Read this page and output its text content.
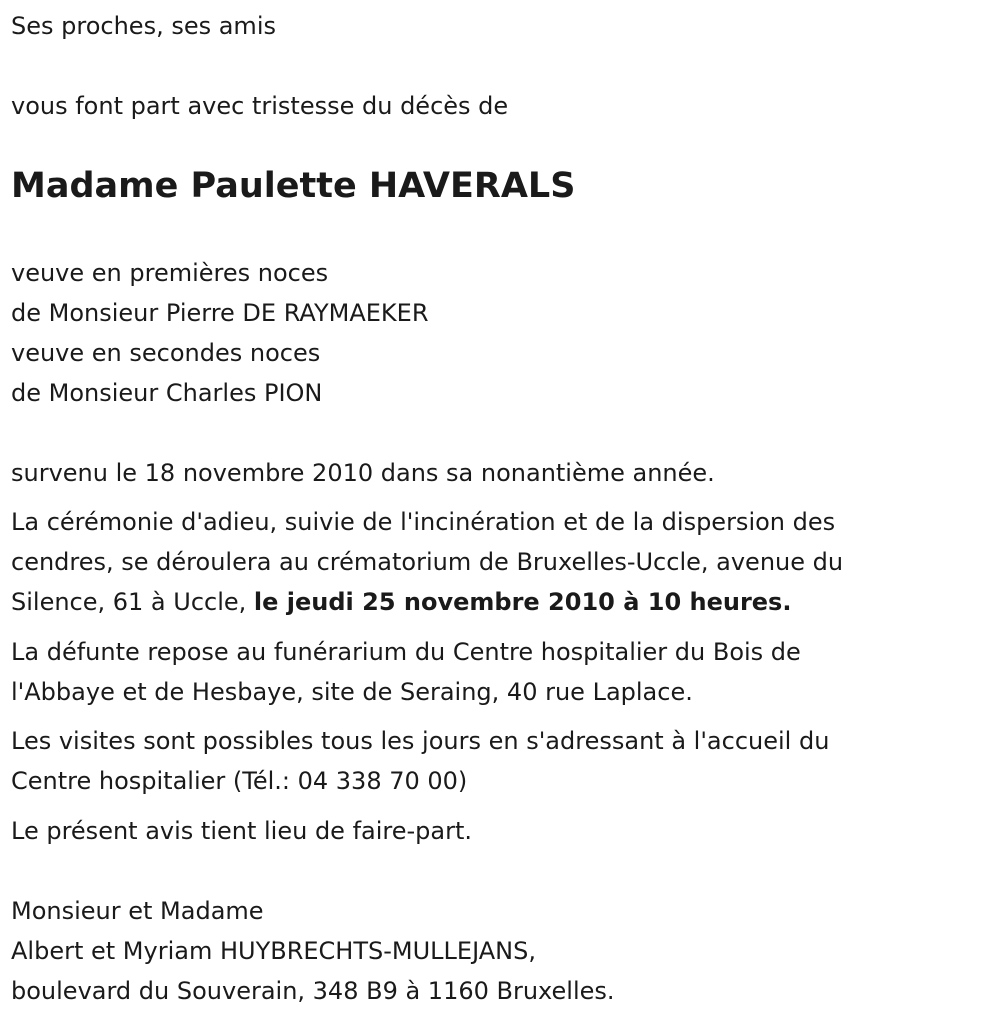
Ses proches, ses amis

vous font part avec tristesse du décès de

Madame Paulette HAVERALS

veuve en premières noces

de Monsieur Pierre DE RAYMAEKER

veuve en secondes noces

de Monsieur Charles PION

survenu le 18 novembre 2010 dans sa nonantième année.

La cérémonie d'adieu, suivie de l'incinération et de la dispersion des

cendres, se déroulera au crématorium de Bruxelles-Uccle, avenue du

Silence, 61 à Uccle, le jeudi 25 novembre 2010 à 10 heures.

La défunte repose au funérarium du Centre hospitalier du Bois de

l'Abbaye et de Hesbaye, site de Seraing, 40 rue Laplace.

Les visites sont possibles tous les jours en s'adressant à l'accueil du

Centre hospitalier (Tél.: 04 338 70 00)

Le présent avis tient lieu de faire-part.

Monsieur et Madame

Albert et Myriam HUYBRECHTS-MULLEJANS,

boulevard du Souverain, 348 B9 à 1160 Bruxelles.
